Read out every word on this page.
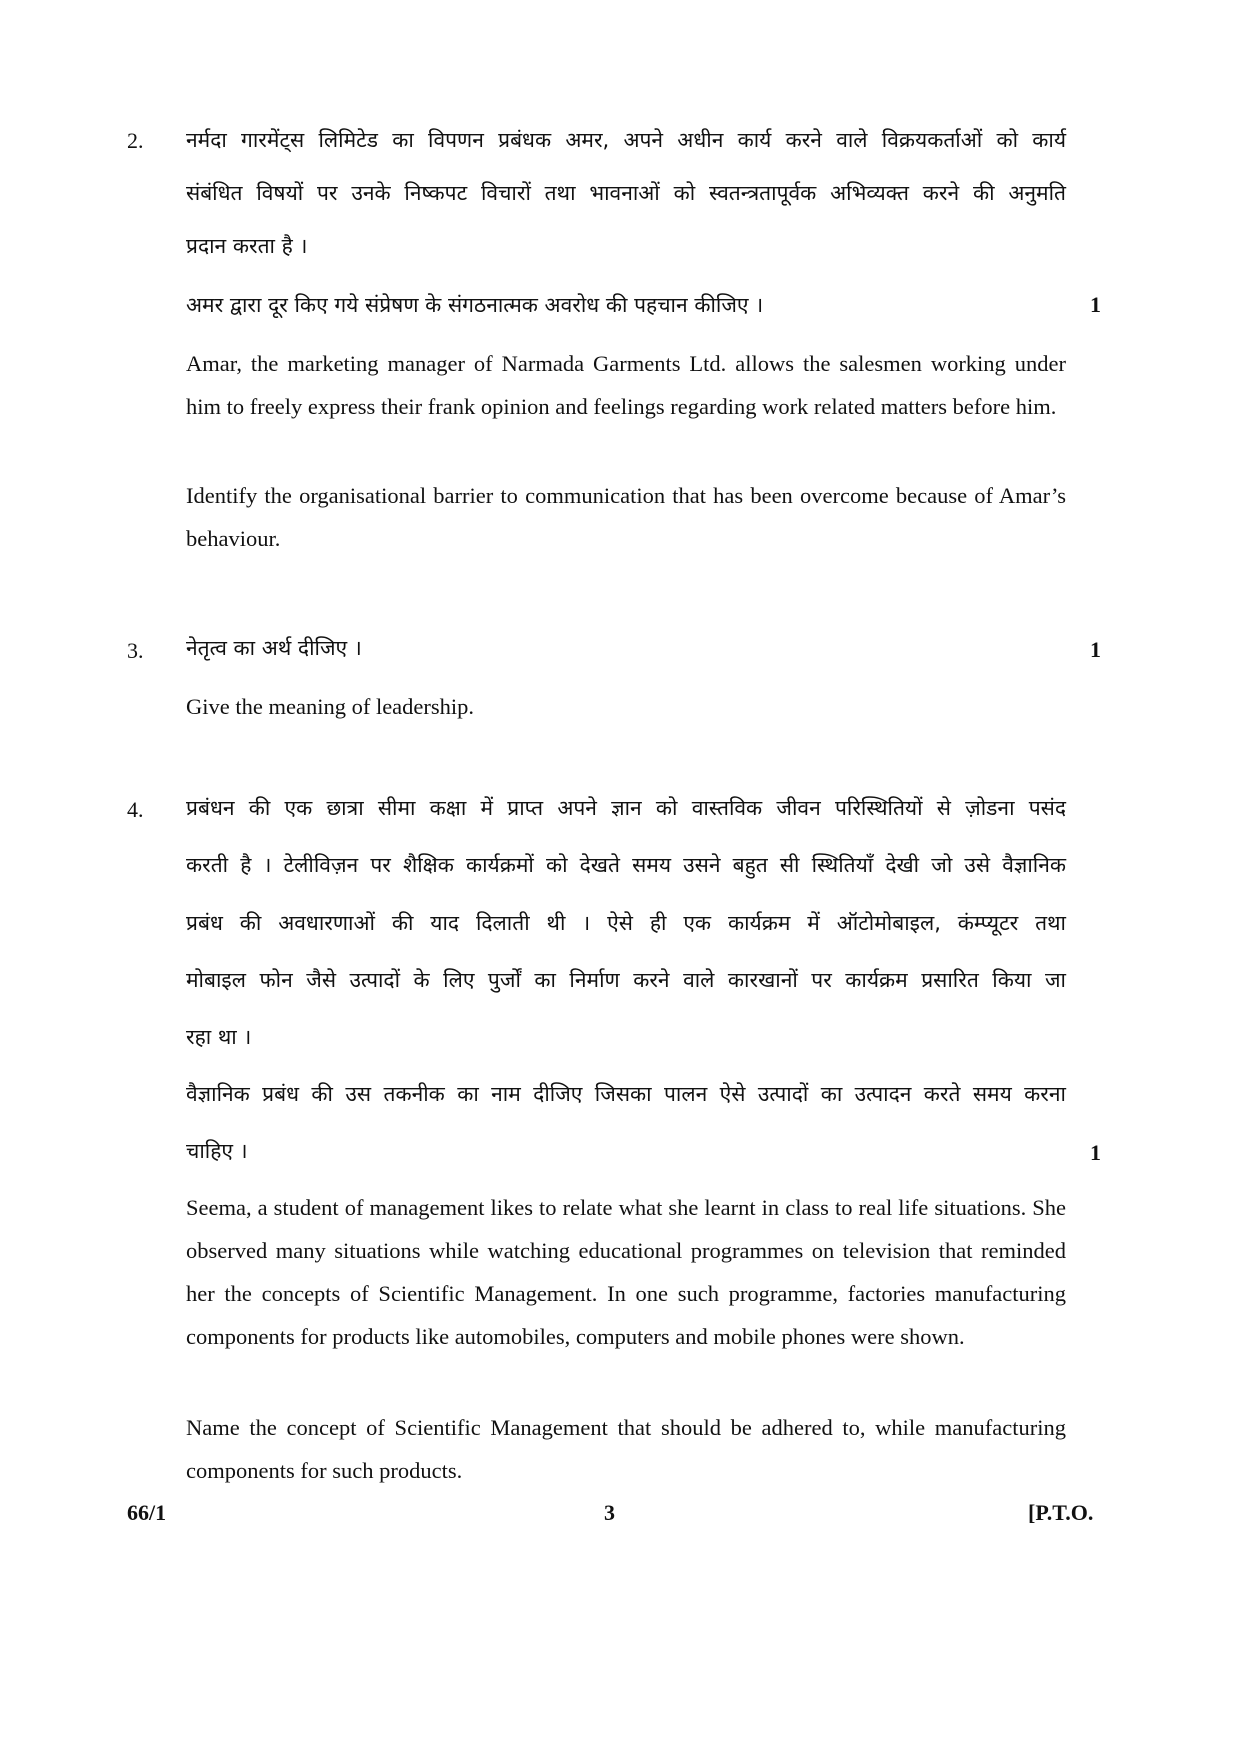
2. नर्मदा गारमेंट्स लिमिटेड का विपणन प्रबंधक अमर, अपने अधीन कार्य करने वाले विक्रयकर्ताओं को कार्य
संबंधित विषयों पर उनके निष्कपट विचारों तथा भावनाओं को स्वतन्त्रतापूर्वक अभिव्यक्त करने की अनुमति
प्रदान करता है ।
अमर द्वारा दूर किए गये संप्रेषण के संगठनात्मक अवरोध की पहचान कीजिए ।	1

Amar, the marketing manager of Narmada Garments Ltd. allows the salesmen working under him to freely express their frank opinion and feelings regarding work related matters before him.

Identify the organisational barrier to communication that has been overcome because of Amar’s behaviour.

3. नेतृत्व का अर्थ दीजिए ।	1

Give the meaning of leadership.

4. प्रबंधन की एक छात्रा सीमा कक्षा में प्राप्त अपने ज्ञान को वास्तविक जीवन परिस्थितियों से ज़ोडना पसंद
करती है । टेलीविज़न पर शैक्षिक कार्यक्रमों को देखते समय उसने बहुत सी स्थितियाँ देखी जो उसे वैज्ञानिक
प्रबंध की अवधारणाओं की याद दिलाती थी । ऐसे ही एक कार्यक्रम में ऑटोमोबाइल, कंम्प्यूटर तथा
मोबाइल फोन जैसे उत्पादों के लिए पुर्जों का निर्माण करने वाले कारखानों पर कार्यक्रम प्रसारित किया जा
रहा था ।
वैज्ञानिक प्रबंध की उस तकनीक का नाम दीजिए जिसका पालन ऐसे उत्पादों का उत्पादन करते समय करना
चाहिए ।	1

Seema, a student of management likes to relate what she learnt in class to real life situations. She observed many situations while watching educational programmes on television that reminded her the concepts of Scientific Management. In one such programme, factories manufacturing components for products like automobiles, computers and mobile phones were shown.

Name the concept of Scientific Management that should be adhered to, while manufacturing components for such products.

66/1	3	[P.T.O.
